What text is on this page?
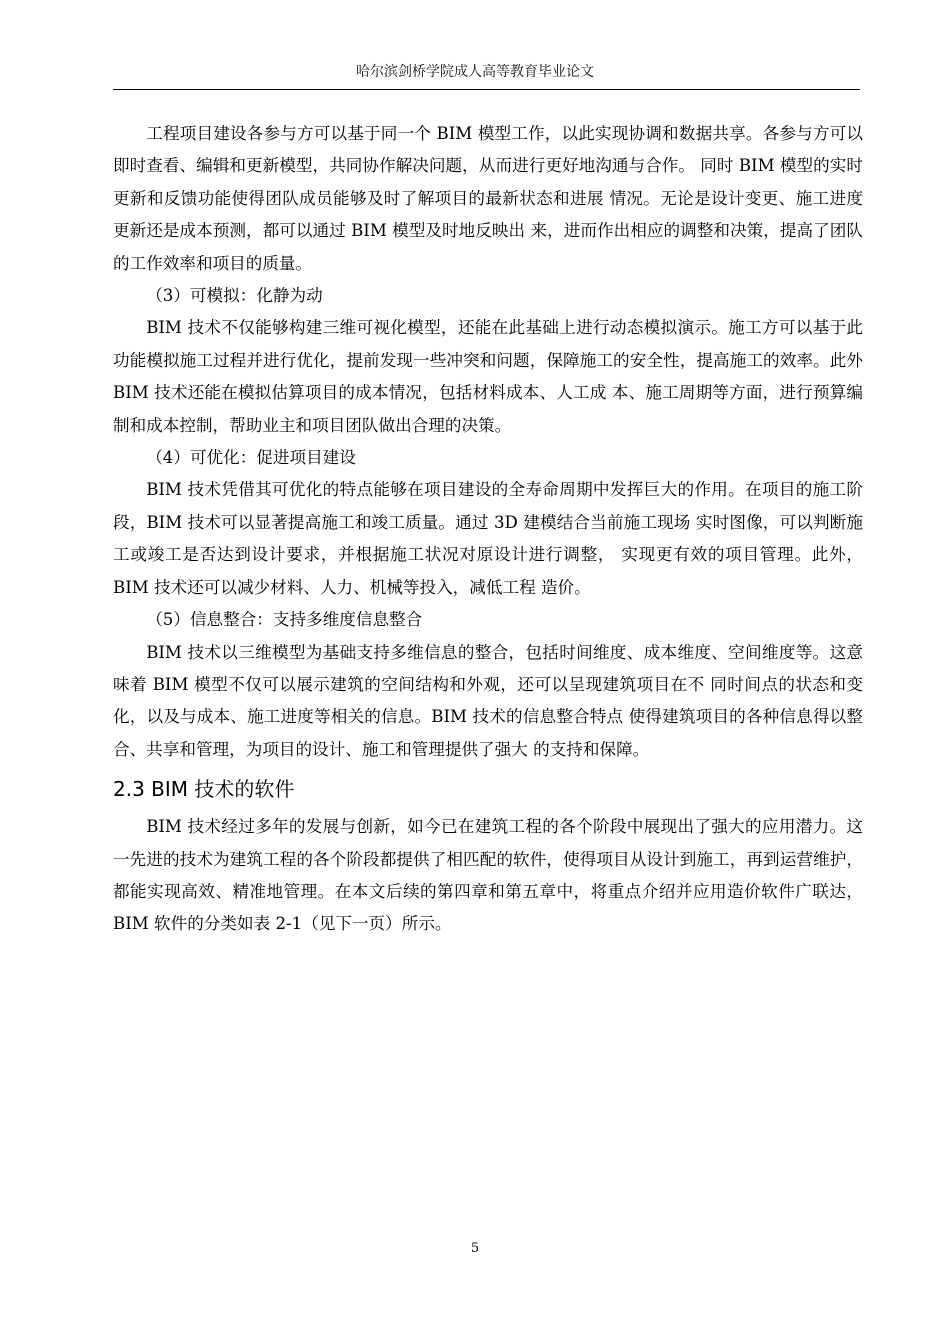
哈尔滨剑桥学院成人高等教育毕业论文

工程项目建设各参与方可以基于同一个 BIM 模型工作，以此实现协调和数据共享。各参与方可以即时查看、编辑和更新模型，共同协作解决问题，从而进行更好地沟通与合作。 同时 BIM 模型的实时更新和反馈功能使得团队成员能够及时了解项目的最新状态和进展 情况。无论是设计变更、施工进度更新还是成本预测，都可以通过 BIM 模型及时地反映出 来，进而作出相应的调整和决策，提高了团队的工作效率和项目的质量。

（3）可模拟：化静为动

BIM 技术不仅能够构建三维可视化模型，还能在此基础上进行动态模拟演示。施工方可以基于此功能模拟施工过程并进行优化，提前发现一些冲突和问题，保障施工的安全性，提高施工的效率。此外 BIM 技术还能在模拟估算项目的成本情况，包括材料成本、人工成 本、施工周期等方面，进行预算编制和成本控制，帮助业主和项目团队做出合理的决策。

（4）可优化：促进项目建设

BIM 技术凭借其可优化的特点能够在项目建设的全寿命周期中发挥巨大的作用。在项目的施工阶段，BIM 技术可以显著提高施工和竣工质量。通过 3D 建模结合当前施工现场 实时图像，可以判断施工或竣工是否达到设计要求，并根据施工状况对原设计进行调整， 实现更有效的项目管理。此外，BIM 技术还可以减少材料、人力、机械等投入，减低工程 造价。

（5）信息整合：支持多维度信息整合

BIM 技术以三维模型为基础支持多维信息的整合，包括时间维度、成本维度、空间维度等。这意味着 BIM 模型不仅可以展示建筑的空间结构和外观，还可以呈现建筑项目在不 同时间点的状态和变化，以及与成本、施工进度等相关的信息。BIM 技术的信息整合特点 使得建筑项目的各种信息得以整合、共享和管理，为项目的设计、施工和管理提供了强大 的支持和保障。

2.3 BIM 技术的软件

BIM 技术经过多年的发展与创新，如今已在建筑工程的各个阶段中展现出了强大的应用潜力。这一先进的技术为建筑工程的各个阶段都提供了相匹配的软件，使得项目从设计到施工，再到运营维护，都能实现高效、精准地管理。在本文后续的第四章和第五章中，将重点介绍并应用造价软件广联达，BIM 软件的分类如表 2-1（见下一页）所示。

5
